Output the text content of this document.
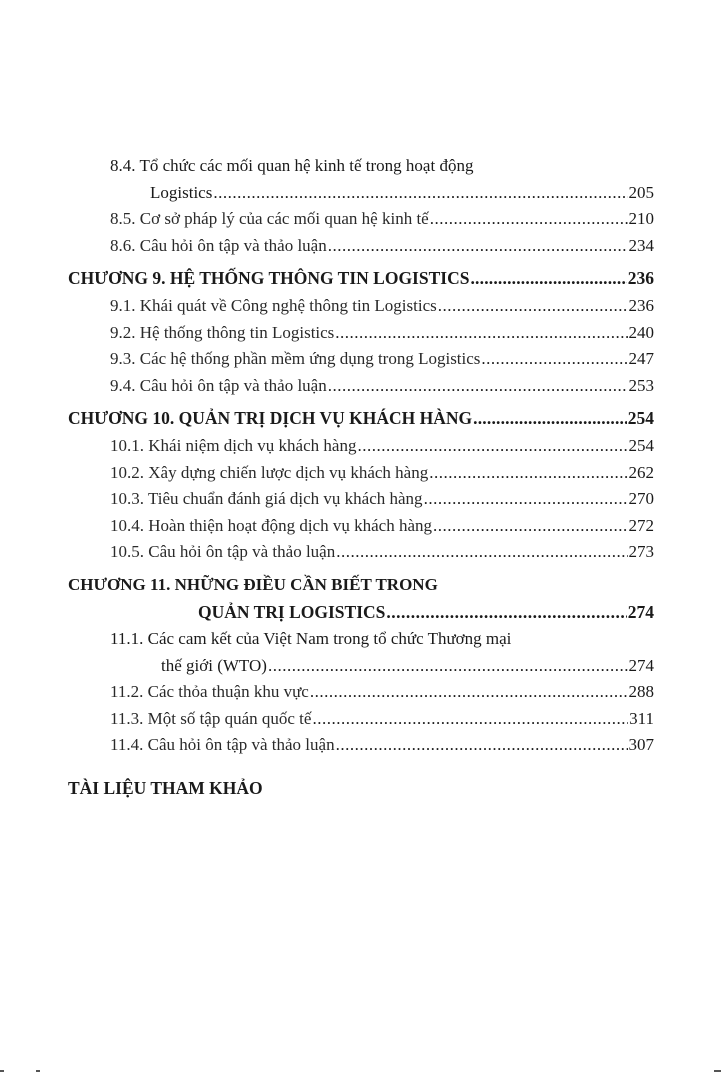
8.4. Tổ chức các mối quan hệ kinh tế trong hoạt động
Logistics .....	205
8.5. Cơ sở pháp lý của các mối quan hệ kinh tế .....	210
8.6. Câu hỏi ôn tập và thảo luận .....	234
CHƯƠNG 9. HỆ THỐNG THÔNG TIN LOGISTICS .....	236
9.1. Khái quát về Công nghệ thông tin Logistics .....	236
9.2. Hệ thống thông tin Logistics .....	240
9.3. Các hệ thống phần mềm ứng dụng trong Logistics .....	247
9.4. Câu hỏi ôn tập và thảo luận .....	253
CHƯƠNG 10. QUẢN TRỊ DỊCH VỤ KHÁCH HÀNG .....	254
10.1. Khái niệm dịch vụ khách hàng .....	254
10.2. Xây dựng chiến lược dịch vụ khách hàng .....	262
10.3. Tiêu chuẩn đánh giá dịch vụ khách hàng .....	270
10.4. Hoàn thiện hoạt động dịch vụ khách hàng .....	272
10.5. Câu hỏi ôn tập và thảo luận .....	273
CHƯƠNG 11. NHỮNG ĐIỀU CẦN BIẾT TRONG
QUẢN TRỊ LOGISTICS .....	274
11.1. Các cam kết của Việt Nam trong tổ chức Thương mại
thế giới (WTO) .....	274
11.2. Các thỏa thuận khu vực .....	288
11.3. Một số tập quán quốc tế .....	311
11.4. Câu hỏi ôn tập và thảo luận .....	307
TÀI LIỆU THAM KHẢO
